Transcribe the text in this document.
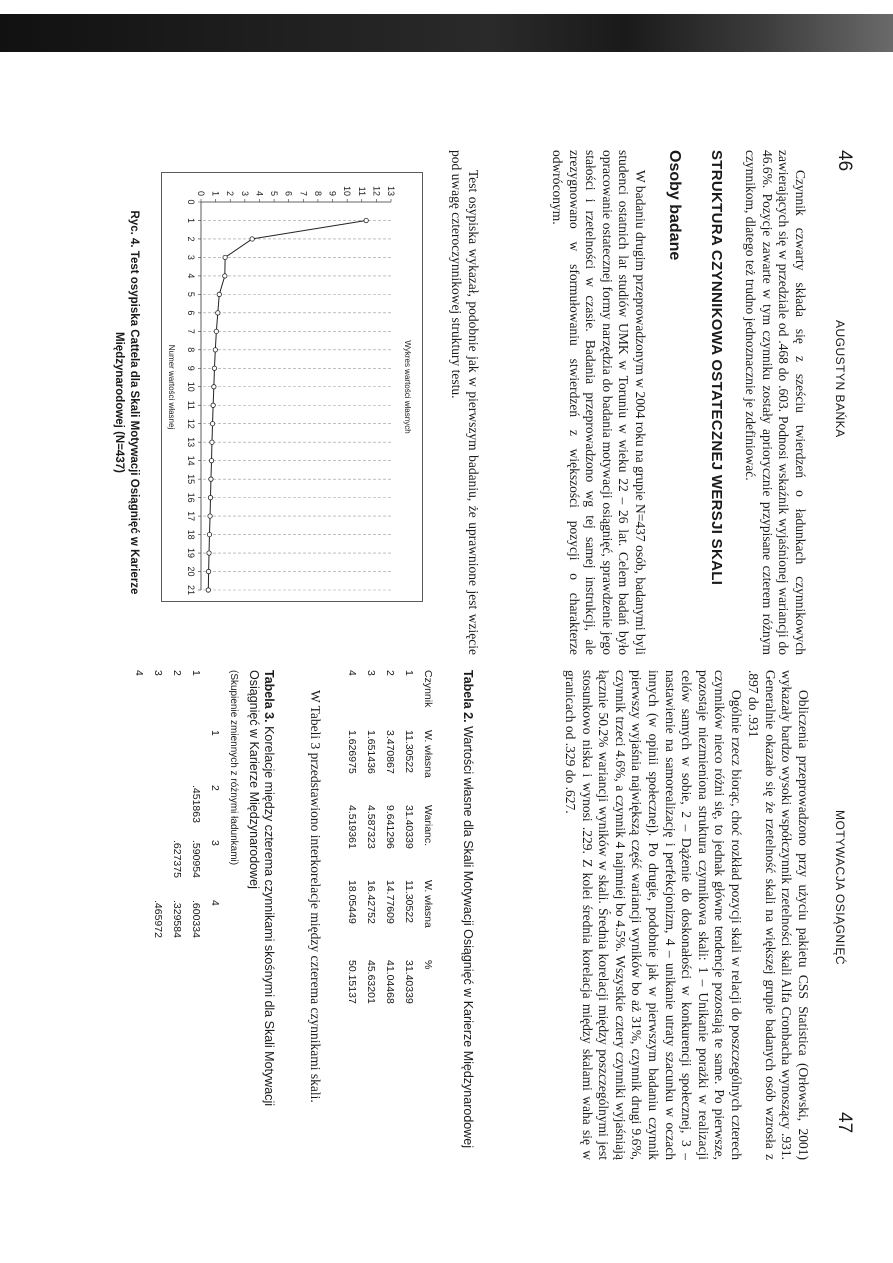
46
AUGUSTYN BAŃKA

Czynnik czwarty składa się z sześciu twierdzeń o ładunkach czynnikowych zawierających się w przedziale od .468 do .603. Podnosi wskaźnik wyjaśnionej wariancji do 46.6%. Pozycje zawarte w tym czynniku zostały apriorycznie przypisane czterem różnym czynnikom, dlatego też trudno jednoznacznie je zdefiniować.

STRUKTURA CZYNNIKOWA OSTATECZNEJ WERSJI SKALI
Osoby badane

W badaniu drugim przeprowadzonym w 2004 roku na grupie N=437 osób, badanymi byli studenci ostatnich lat studiów UMK w Toruniu w wieku 22 – 26 lat. Celem badań było opracowanie ostatecznej formy narzędzia do badania motywacji osiągnięć, sprawdzenie jego stałości i rzetelności w czasie. Badania przeprowadzono wg tej samej instrukcji, ale zrezygnowano w sformułowaniu stwierdzeń z większości pozycji o charakterze odwróconym.

Test osypiska wykazał, podobnie jak w pierwszym badaniu, że uprawnione jest wzięcie pod uwagę czteroczynnikowej struktury testu.

Wykres wartości własnych
0 1 2 3 4 5 6 7 8 9 10 11 12 13
0
1
2
3
4
5
6
7
8
9
10
11
12
13
14
15
16
17
18
19
20
21
Numer wartości własnej
Ryc. 4. Test osypiska Cattela dla Skali Motywacji Osiągnięć w Karierze
Międzynarodowej (N=437)
MOTYWACJA OSIĄGNIĘĆ
47

Obliczenia przeprowadzono przy użyciu pakietu CSS Statistica (Orłowski, 2001) wykazały bardzo wysoki współczynnik rzetelności skali Alfa Cronbacha wynoszący .931. Generalnie okazało się że rzetelność skali na większej grupie badanych osób wzrosła z .897 do .931

Ogólnie rzecz biorąc, choć rozkład pozycji skali w relacji do poszczególnych czterech czynników nieco różni się, to jednak główne tendencje pozostają te same. Po pierwsze, pozostaje niezmieniona struktura czynnikowa skali: 1 – Unikanie porażki w realizacji celów samych w sobie, 2 – Dążenie do doskonałości w konkurencji społecznej, 3 – nastawienie na samorealizację i perfekcjonizm, 4 – unikanie utraty szacunku w oczach innych (w opinii społecznej). Po drugie, podobnie jak w pierwszym badaniu czynnik pierwszy wyjaśnia największą część wariancji wyników bo aż 31%, czynnik drugi 9.6%, czynnik trzeci 4.6%, a czynnik 4 najmniej bo 4.5%. Wszystkie cztery czynniki wyjaśniają łącznie 50.2% wariancji wyników w skali. Średnia korelacji między poszczególnymi jest stosunkowo niska i wynosi .229. Z kolei średnia korelacja między skalami waha się w granicach od .329 do .627.

Tabela 2. Wartości własne dla Skali Motywacji Osiągnięć w Karierze Międzynarodowej
Czynnik	W. własna	Warianc.	W. własna	%
1	11.30522	31.40339	11.30522	31.40339
2	3.470867	9.641296	14.77609	41.04468
3	1.651436	4.587323	16.42752	45.63201
4	1.626975	4.519361	18.05449	50.15137

W Tabeli 3 przedstawiono interkorelacje między czterema czynnikami skali.

Tabela 3. Korelacje między czterema czynnikami skośnymi dla Skali Motywacji Osiągnięć w Karierze Międzynarodowej
(Skupienie zmiennych z różnymi ładunkami)
	1	2	3	4
1		.451863	.590954	.600334
2			.627375	.329584
3				.465972
4				
